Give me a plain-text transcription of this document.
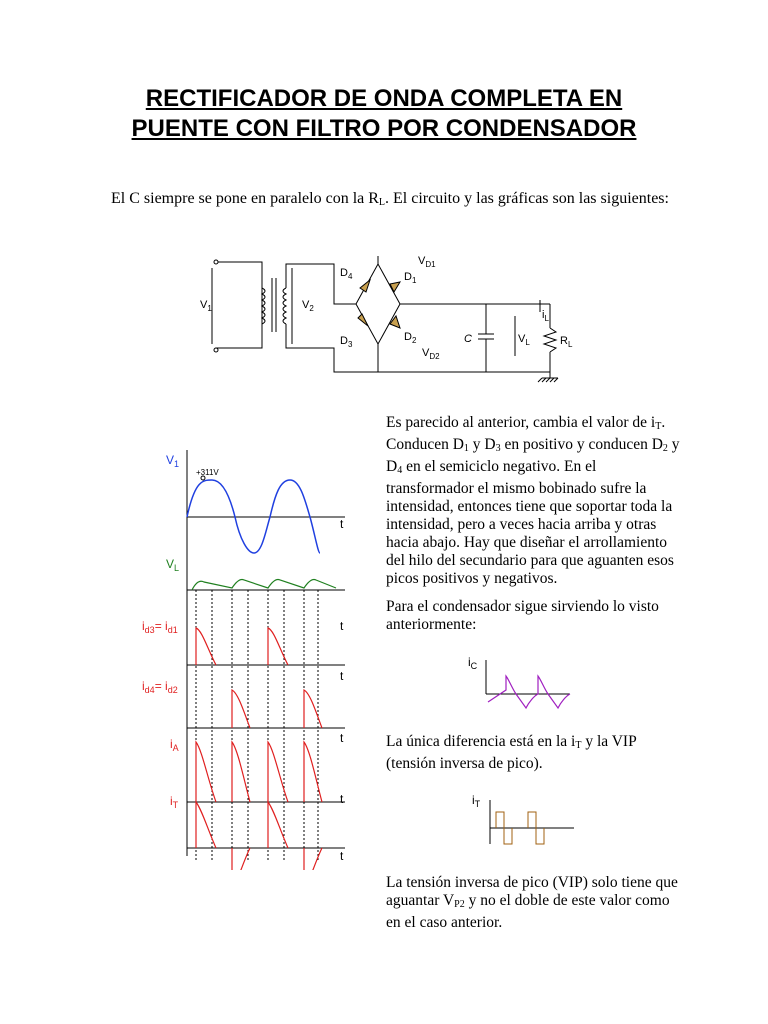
RECTIFICADOR DE ONDA COMPLETA EN
PUENTE CON FILTRO POR CONDENSADOR
El C siempre se pone en paralelo con la $R_L$. El circuito y las gráficas son las siguientes:
$V_1$	$V_2$
$D_4$	$D_1$
$D_3$
$D_2$
$V_{D1}$
$V_{D2}$
C	$V_L$
$i_L$
$R_L$
$V_1$
+311V
t
$V_L$
$i_{d3}= i_{d1}$	t
$i_{d4}= i_{d2}$
t
$i_A$
t
$i_T$	t
t
Es parecido al anterior, cambia el valor de $i_T$. Conducen $D_1$ y $D_3$ en positivo y conducen $D_2$ y $D_4$ en el semiciclo negativo. En el transformador el mismo bobinado sufre la intensidad, entonces tiene que soportar toda la intensidad, pero a veces hacia arriba y otras hacia abajo. Hay que diseñar el arrollamiento del hilo del secundario para que aguanten esos picos positivos y negativos.
Para el condensador sigue sirviendo lo visto anteriormente:
$i_C$
La única diferencia está en la $i_T$ y la VIP (tensión inversa de pico).
$i_T$
La tensión inversa de pico (VIP) solo tiene que aguantar $V_{P2}$ y no el doble de este valor como en el caso anterior.
